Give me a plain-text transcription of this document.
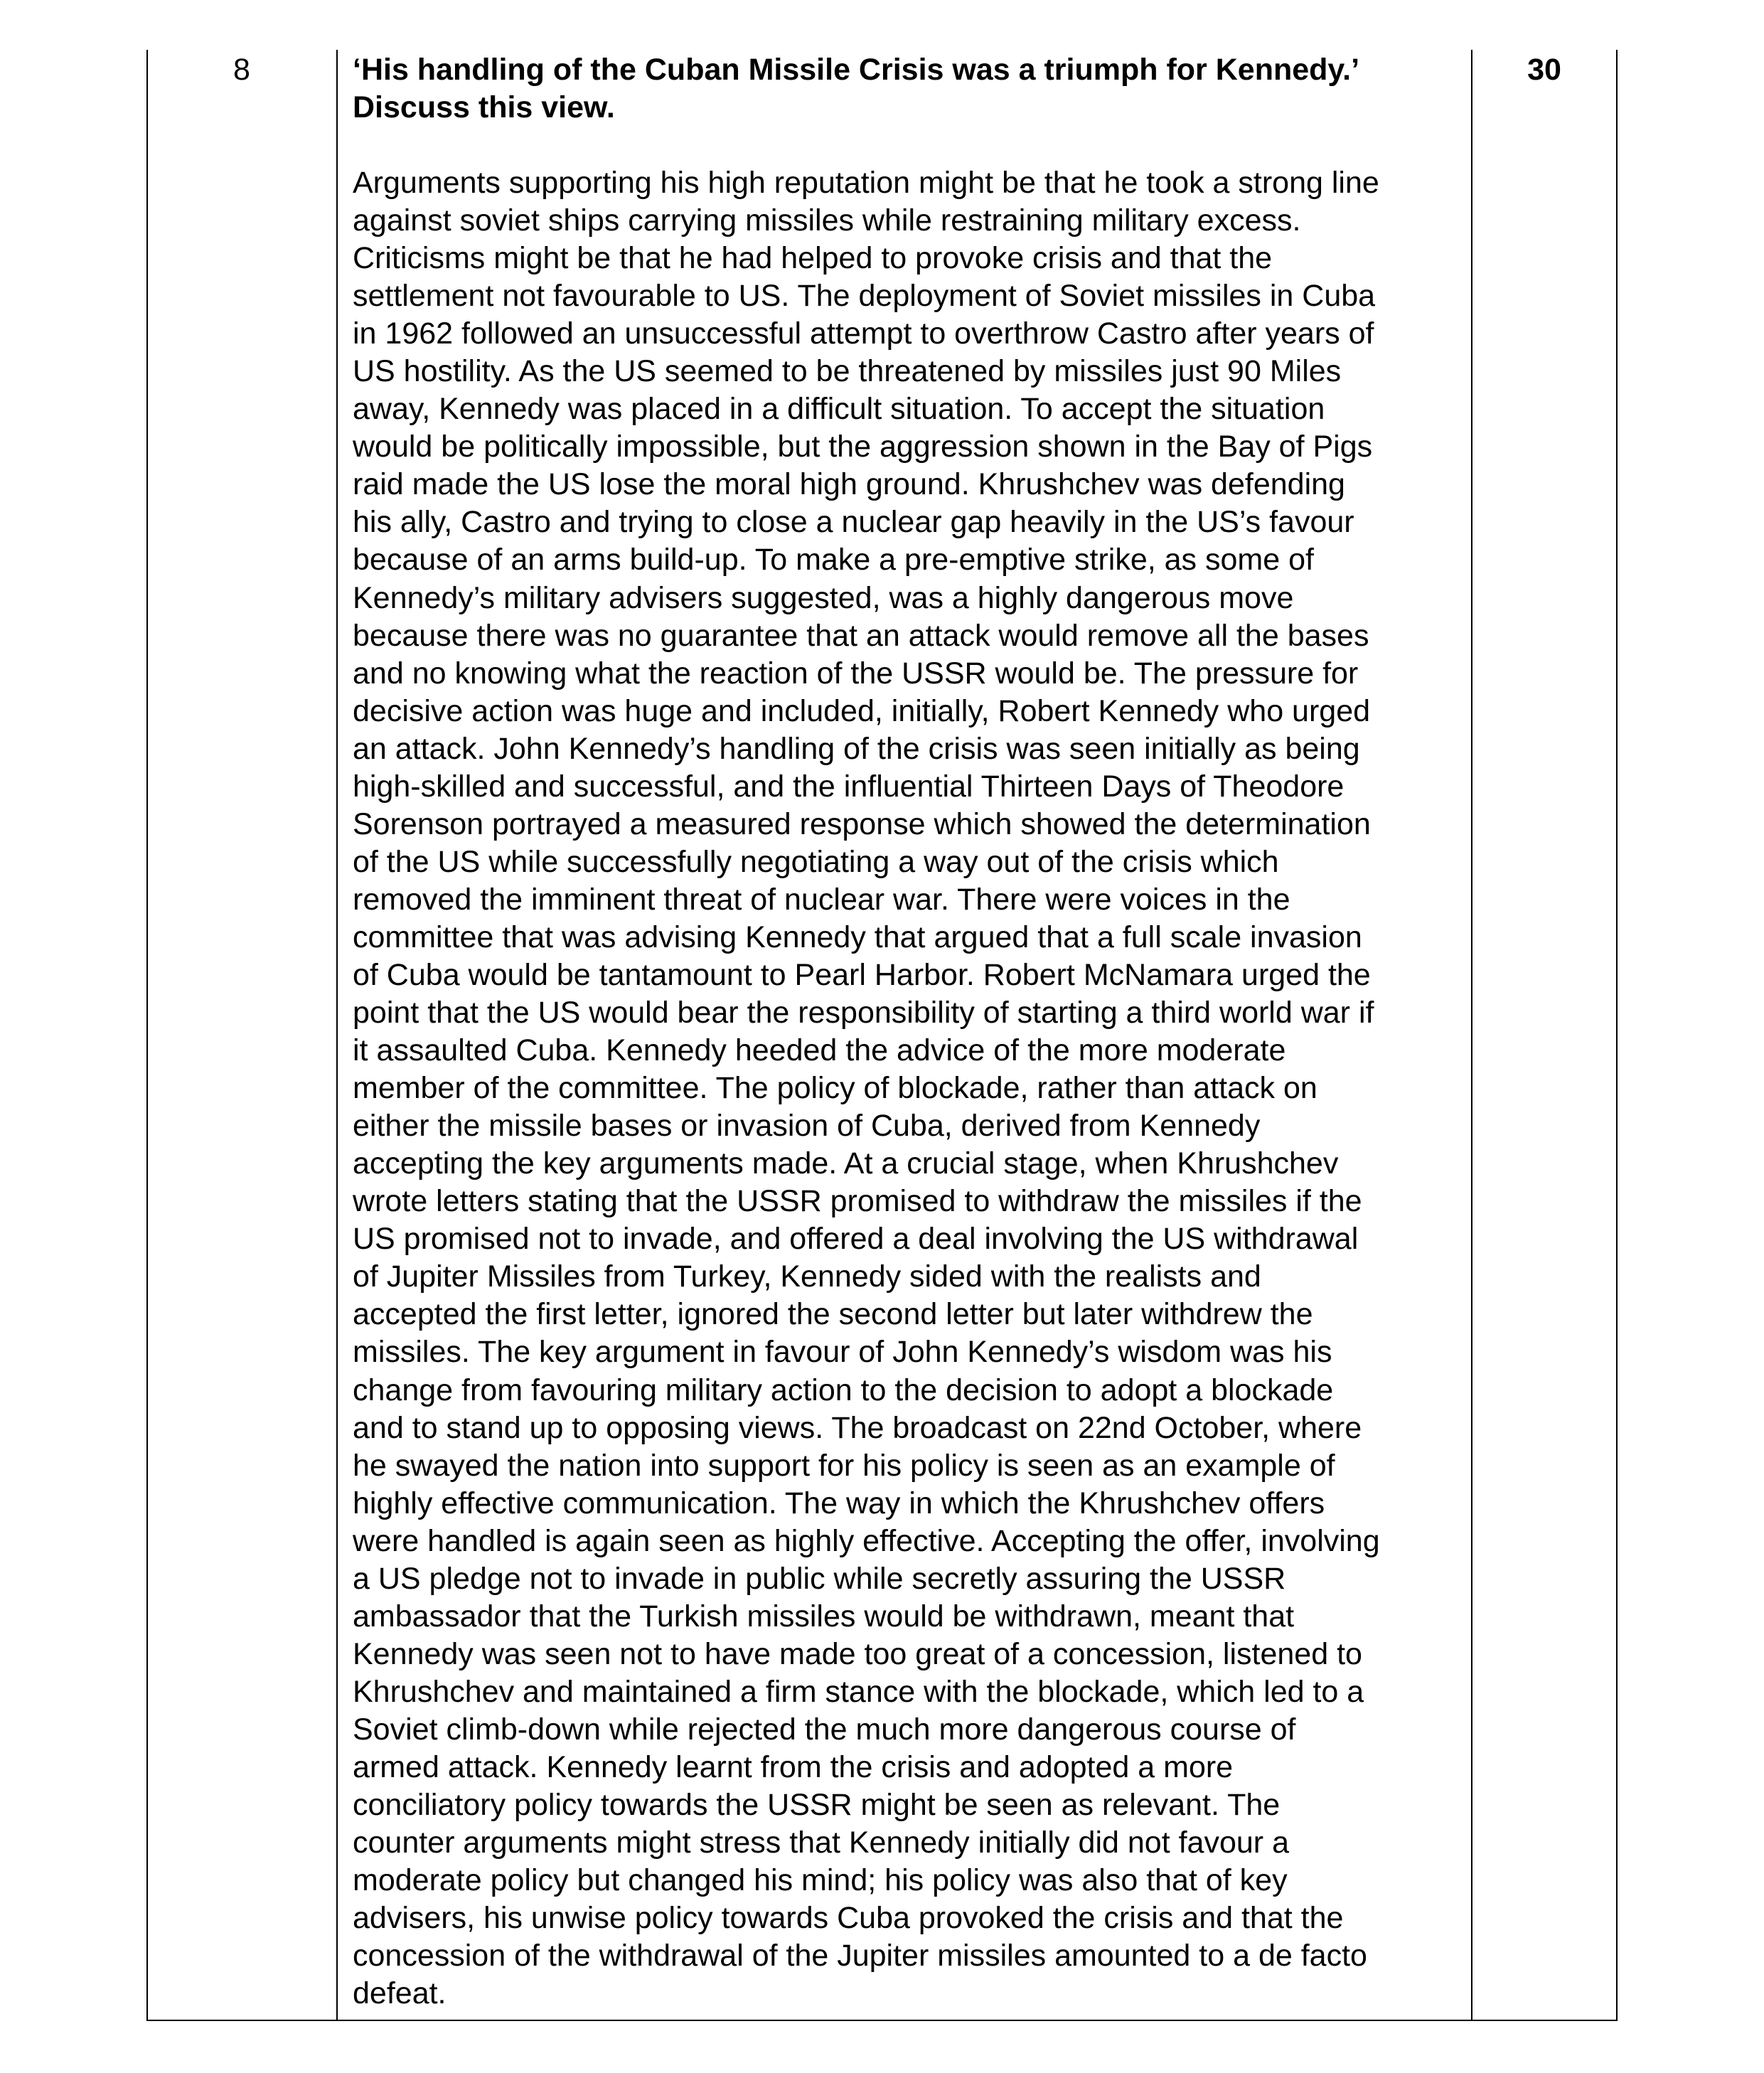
8	‘His handling of the Cuban Missile Crisis was a triumph for Kennedy.’
Discuss this view.
Arguments supporting his high reputation might be that he took a strong line
against soviet ships carrying missiles while restraining military excess.
Criticisms might be that he had helped to provoke crisis and that the
settlement not favourable to US. The deployment of Soviet missiles in Cuba
in 1962 followed an unsuccessful attempt to overthrow Castro after years of
US hostility. As the US seemed to be threatened by missiles just 90 Miles
away, Kennedy was placed in a difficult situation. To accept the situation
would be politically impossible, but the aggression shown in the Bay of Pigs
raid made the US lose the moral high ground. Khrushchev was defending
his ally, Castro and trying to close a nuclear gap heavily in the US’s favour
because of an arms build-up. To make a pre-emptive strike, as some of
Kennedy’s military advisers suggested, was a highly dangerous move
because there was no guarantee that an attack would remove all the bases
and no knowing what the reaction of the USSR would be. The pressure for
decisive action was huge and included, initially, Robert Kennedy who urged
an attack. John Kennedy’s handling of the crisis was seen initially as being
high-skilled and successful, and the influential Thirteen Days of Theodore
Sorenson portrayed a measured response which showed the determination
of the US while successfully negotiating a way out of the crisis which
removed the imminent threat of nuclear war. There were voices in the
committee that was advising Kennedy that argued that a full scale invasion
of Cuba would be tantamount to Pearl Harbor. Robert McNamara urged the
point that the US would bear the responsibility of starting a third world war if
it assaulted Cuba. Kennedy heeded the advice of the more moderate
member of the committee. The policy of blockade, rather than attack on
either the missile bases or invasion of Cuba, derived from Kennedy
accepting the key arguments made. At a crucial stage, when Khrushchev
wrote letters stating that the USSR promised to withdraw the missiles if the
US promised not to invade, and offered a deal involving the US withdrawal
of Jupiter Missiles from Turkey, Kennedy sided with the realists and
accepted the first letter, ignored the second letter but later withdrew the
missiles. The key argument in favour of John Kennedy’s wisdom was his
change from favouring military action to the decision to adopt a blockade
and to stand up to opposing views. The broadcast on 22nd October, where
he swayed the nation into support for his policy is seen as an example of
highly effective communication. The way in which the Khrushchev offers
were handled is again seen as highly effective. Accepting the offer, involving
a US pledge not to invade in public while secretly assuring the USSR
ambassador that the Turkish missiles would be withdrawn, meant that
Kennedy was seen not to have made too great of a concession, listened to
Khrushchev and maintained a firm stance with the blockade, which led to a
Soviet climb-down while rejected the much more dangerous course of
armed attack. Kennedy learnt from the crisis and adopted a more
conciliatory policy towards the USSR might be seen as relevant. The
counter arguments might stress that Kennedy initially did not favour a
moderate policy but changed his mind; his policy was also that of key
advisers, his unwise policy towards Cuba provoked the crisis and that the
concession of the withdrawal of the Jupiter missiles amounted to a de facto
defeat.
30
